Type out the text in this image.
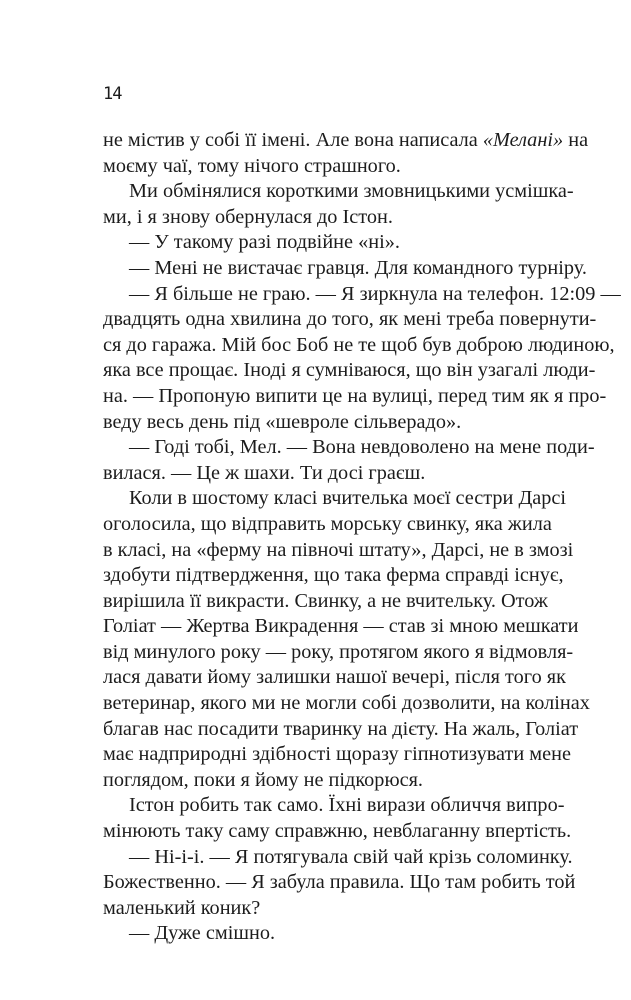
14
не містив у собі її імені. Але вона написала «Мелані» на
моєму чаї, тому нічого страшного.
Ми обмінялися короткими змовницькими усмішка-
ми, і я знову обернулася до Істон.
— У такому разі подвійне «ні».
— Мені не вистачає гравця. Для командного турніру.
— Я більше не граю. — Я зиркнула на телефон. 12:09 —
двадцять одна хвилина до того, як мені треба повернути-
ся до гаража. Мій бос Боб не те щоб був доброю людиною,
яка все прощає. Іноді я сумніваюся, що він узагалі люди-
на. — Пропоную випити це на вулиці, перед тим як я про-
веду весь день під «шевроле сільверадо».
— Годі тобі, Мел. — Вона невдоволено на мене поди-
вилася. — Це ж шахи. Ти досі граєш.
Коли в шостому класі вчителька моєї сестри Дарсі
оголосила, що відправить морську свинку, яка жила
в класі, на «ферму на півночі штату», Дарсі, не в змозі
здобути підтвердження, що така ферма справді існує,
вирішила її викрасти. Свинку, а не вчительку. Отож
Голіат — Жертва Викрадення — став зі мною мешкати
від минулого року — року, протягом якого я відмовля-
лася давати йому залишки нашої вечері, після того як
ветеринар, якого ми не могли собі дозволити, на колінах
благав нас посадити тваринку на дієту. На жаль, Голіат
має надприродні здібності щоразу гіпнотизувати мене
поглядом, поки я йому не підкорюся.
Істон робить так само. Їхні вирази обличчя випро-
мінюють таку саму справжню, невблаганну впертість.
— Ні-і-і. — Я потягувала свій чай крізь соломинку.
Божественно. — Я забула правила. Що там робить той
маленький коник?
— Дуже смішно.
